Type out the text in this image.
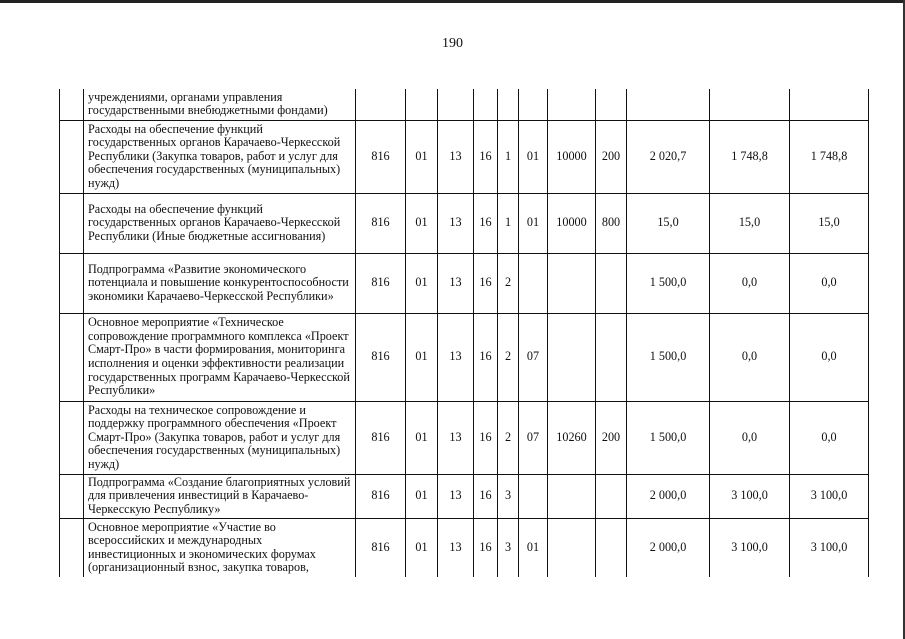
190
	учреждениями, органами управления государственными внебюджетными фондами)											
	Расходы на обеспечение функций государственных органов Карачаево-Черкесской Республики (Закупка товаров, работ и услуг для обеспечения государственных (муниципальных) нужд)	816	01	13	16	1	01	10000	200	2 020,7	1 748,8	1 748,8
	Расходы на обеспечение функций государственных органов Карачаево-Черкесской Республики (Иные бюджетные ассигнования)	816	01	13	16	1	01	10000	800	15,0	15,0	15,0
	Подпрограмма «Развитие экономического потенциала и повышение конкурентоспособности экономики Карачаево-Черкесской Республики»	816	01	13	16	2				1 500,0	0,0	0,0
	Основное мероприятие «Техническое сопровождение программного комплекса «Проект Смарт-Про» в части формирования, мониторинга исполнения и оценки эффективности реализации государственных программ Карачаево-Черкесской Республики»	816	01	13	16	2	07			1 500,0	0,0	0,0
	Расходы на техническое сопровождение и поддержку программного обеспечения «Проект Смарт-Про» (Закупка товаров, работ и услуг для обеспечения государственных (муниципальных) нужд)	816	01	13	16	2	07	10260	200	1 500,0	0,0	0,0
	Подпрограмма «Создание благоприятных условий для привлечения инвестиций в Карачаево-Черкесскую Республику»	816	01	13	16	3				2 000,0	3 100,0	3 100,0
	Основное мероприятие «Участие во всероссийских и международных инвестиционных и экономических форумах (организационный взнос, закупка товаров,	816	01	13	16	3	01			2 000,0	3 100,0	3 100,0
